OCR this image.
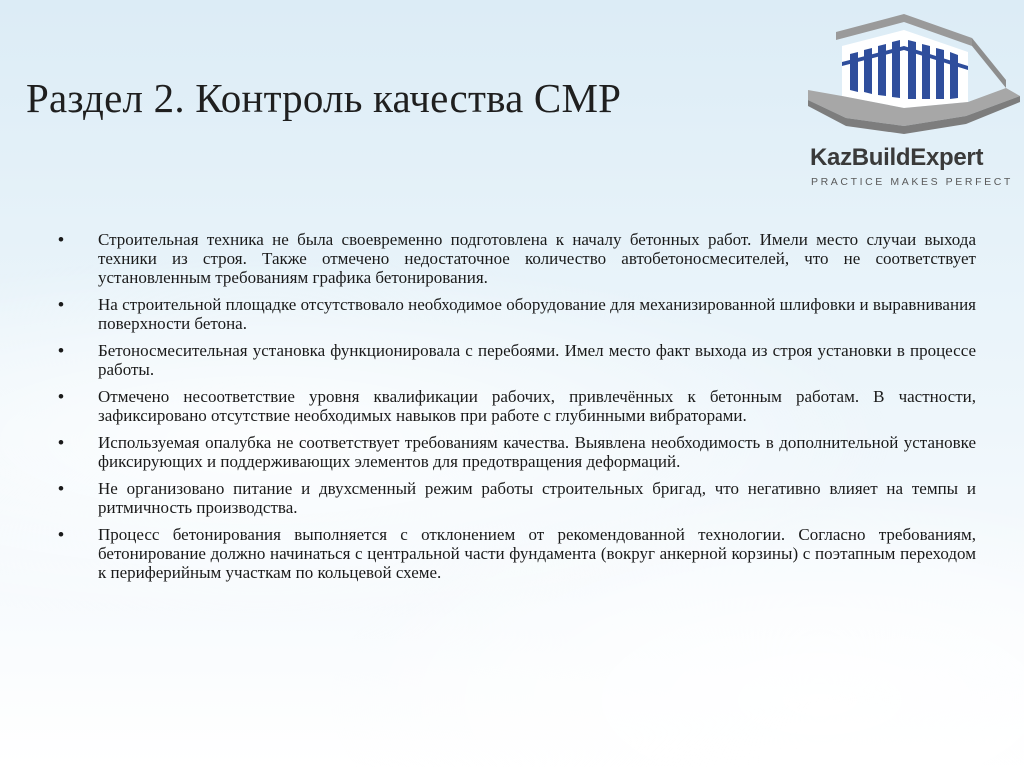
Раздел 2. Контроль качества СМР
KazBuildExpert
PRACTICE MAKES PERFECT
• Строительная техника не была своевременно подготовлена к началу бетонных работ. Имели место случаи выхода техники из строя. Также отмечено недостаточное количество автобетоносмесителей, что не соответствует установленным требованиям графика бетонирования.
• На строительной площадке отсутствовало необходимое оборудование для механизированной шлифовки и выравнивания поверхности бетона.
• Бетоносмесительная установка функционировала с перебоями. Имел место факт выхода из строя установки в процессе работы.
• Отмечено несоответствие уровня квалификации рабочих, привлечённых к бетонным работам. В частности, зафиксировано отсутствие необходимых навыков при работе с глубинными вибраторами.
• Используемая опалубка не соответствует требованиям качества. Выявлена необходимость в дополнительной установке фиксирующих и поддерживающих элементов для предотвращения деформаций.
• Не организовано питание и двухсменный режим работы строительных бригад, что негативно влияет на темпы и ритмичность производства.
• Процесс бетонирования выполняется с отклонением от рекомендованной технологии. Согласно требованиям, бетонирование должно начинаться с центральной части фундамента (вокруг анкерной корзины) с поэтапным переходом к периферийным участкам по кольцевой схеме.
